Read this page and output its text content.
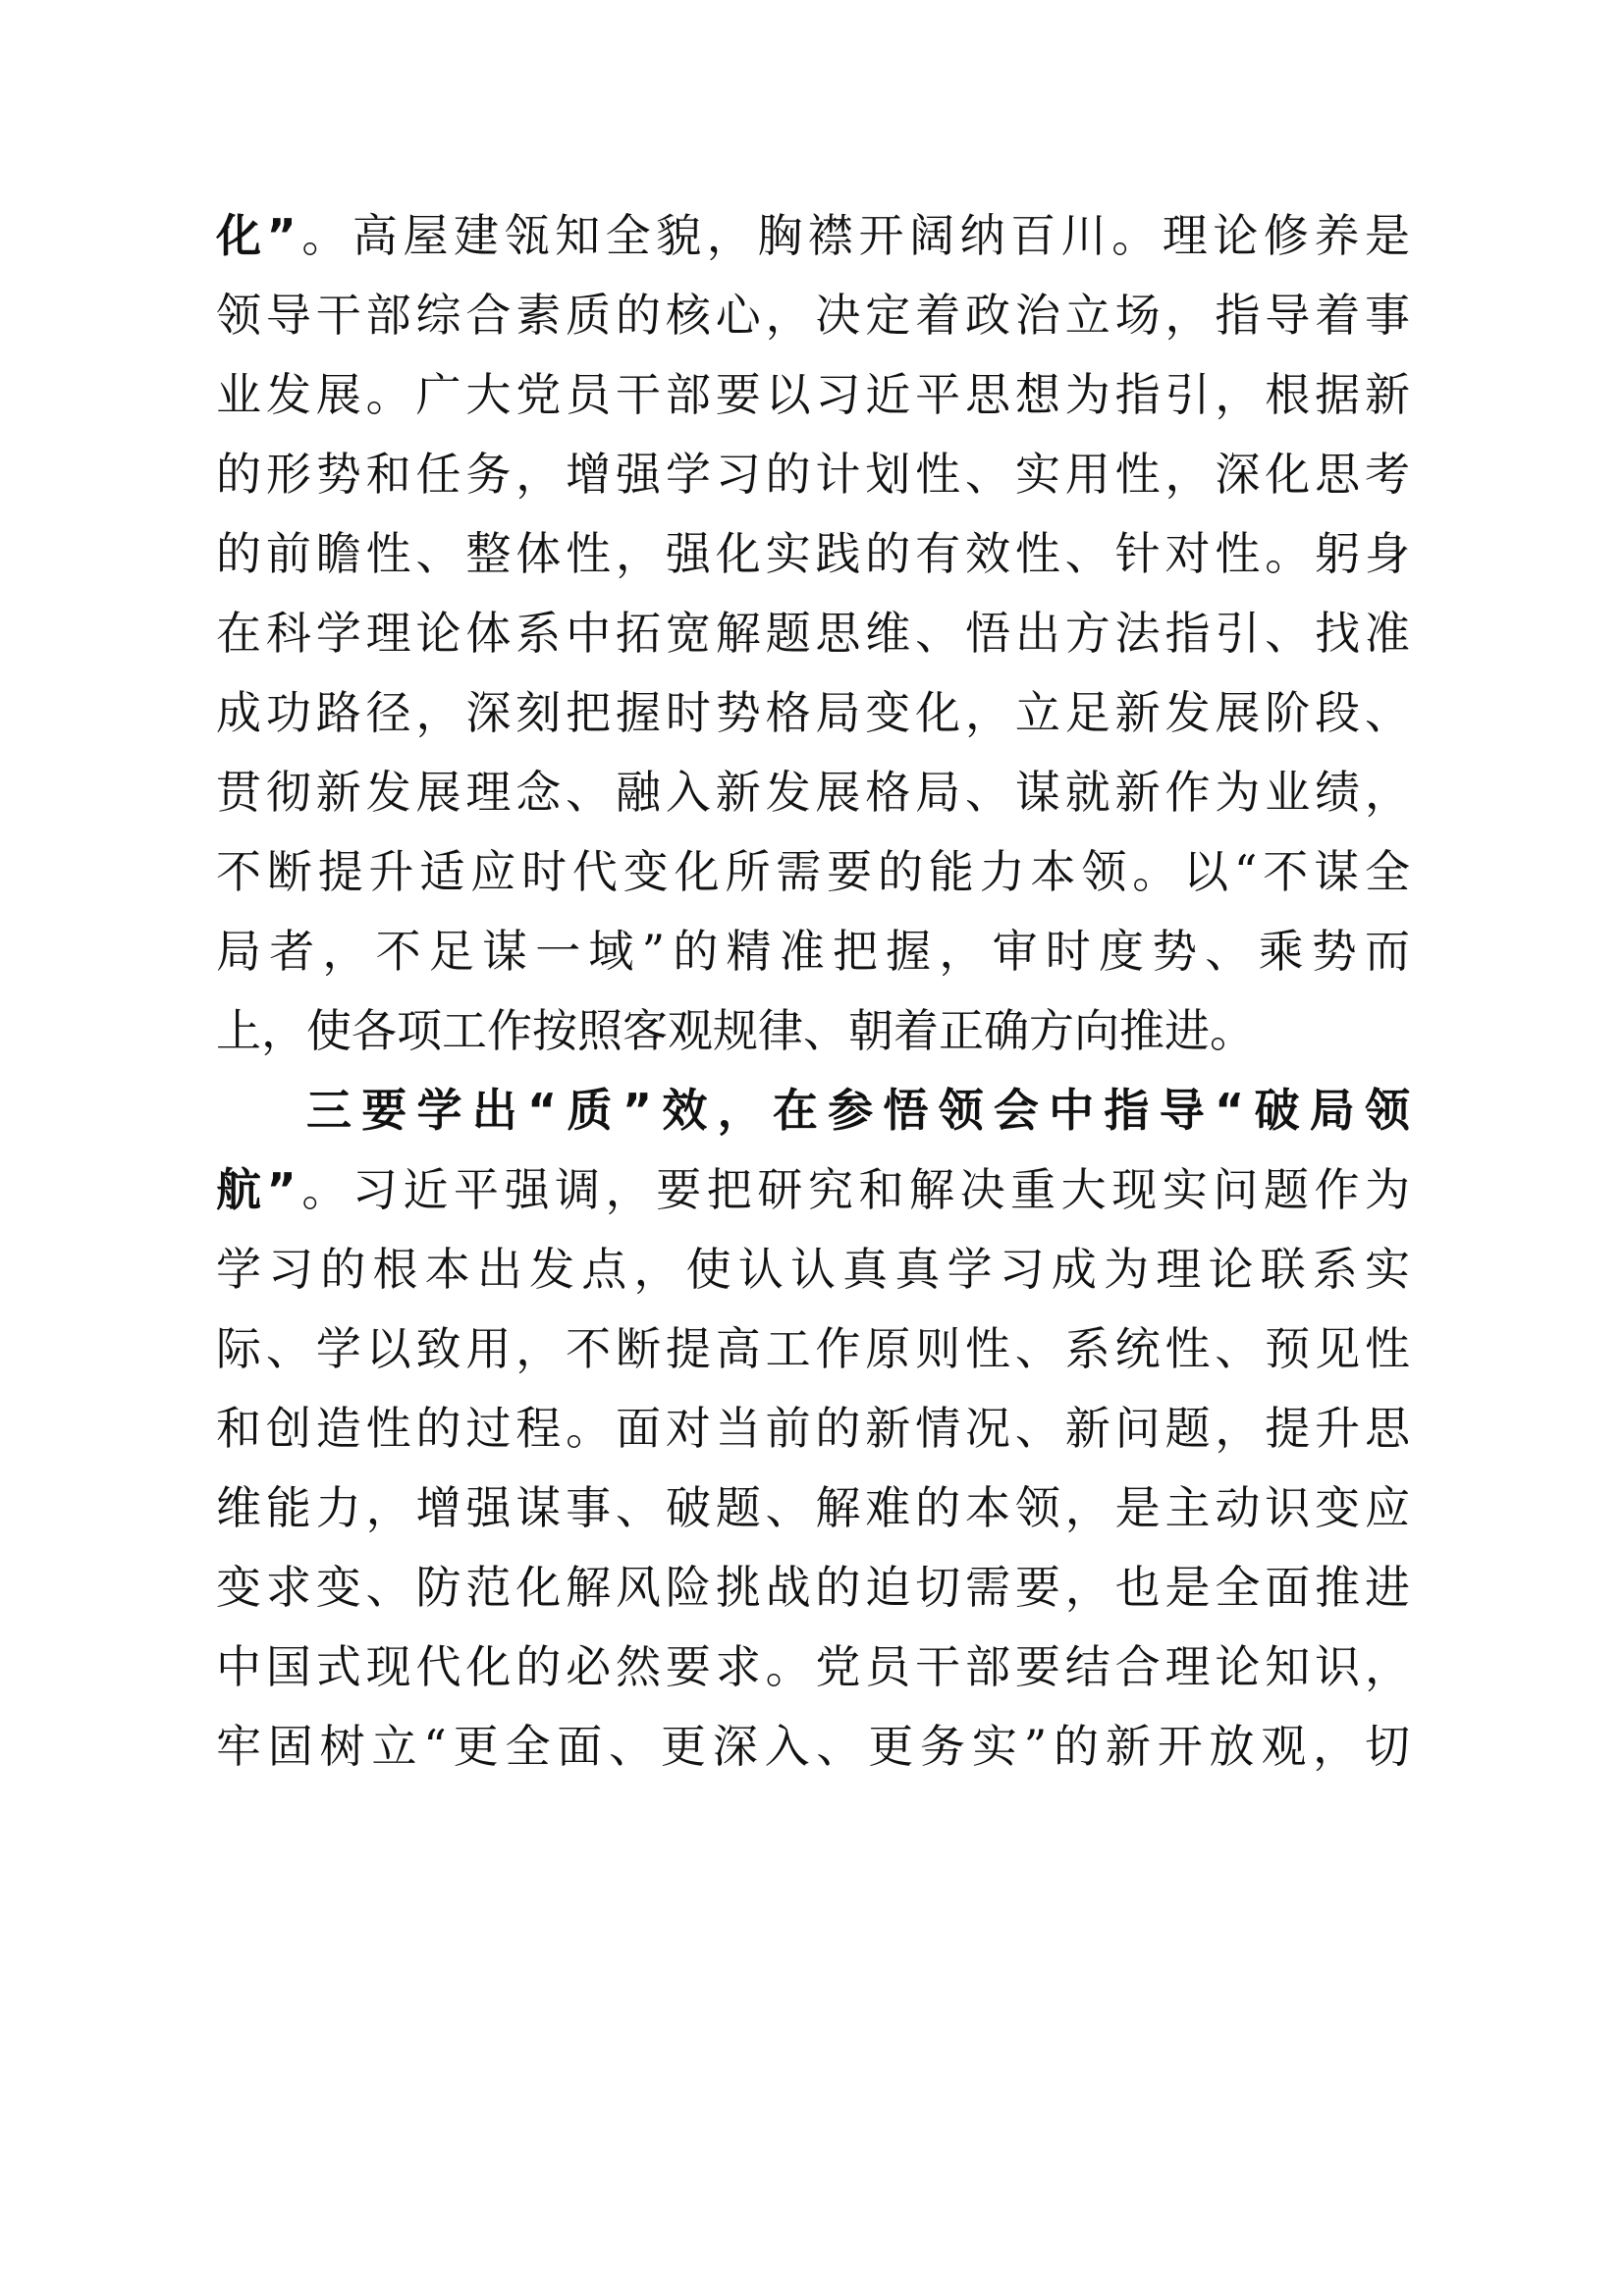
化”。高屋建瓴知全貌，胸襟开阔纳百川。理论修养是
领导干部综合素质的核心，决定着政治立场，指导着事
业发展。广大党员干部要以习近平思想为指引，根据新
的形势和任务，增强学习的计划性、实用性，深化思考
的前瞻性、整体性，强化实践的有效性、针对性。躬身
在科学理论体系中拓宽解题思维、悟出方法指引、找准
成功路径，深刻把握时势格局变化，立足新发展阶段、
贯彻新发展理念、融入新发展格局、谋就新作为业绩，
不断提升适应时代变化所需要的能力本领。以“不谋全
局者，不足谋一域”的精准把握，审时度势、乘势而
上，使各项工作按照客观规律、朝着正确方向推进。
三要学出“质”效，在参悟领会中指导“破局领
航”。习近平强调，要把研究和解决重大现实问题作为
学习的根本出发点，使认认真真学习成为理论联系实
际、学以致用，不断提高工作原则性、系统性、预见性
和创造性的过程。面对当前的新情况、新问题，提升思
维能力，增强谋事、破题、解难的本领，是主动识变应
变求变、防范化解风险挑战的迫切需要，也是全面推进
中国式现代化的必然要求。党员干部要结合理论知识，
牢固树立“更全面、更深入、更务实”的新开放观，切
